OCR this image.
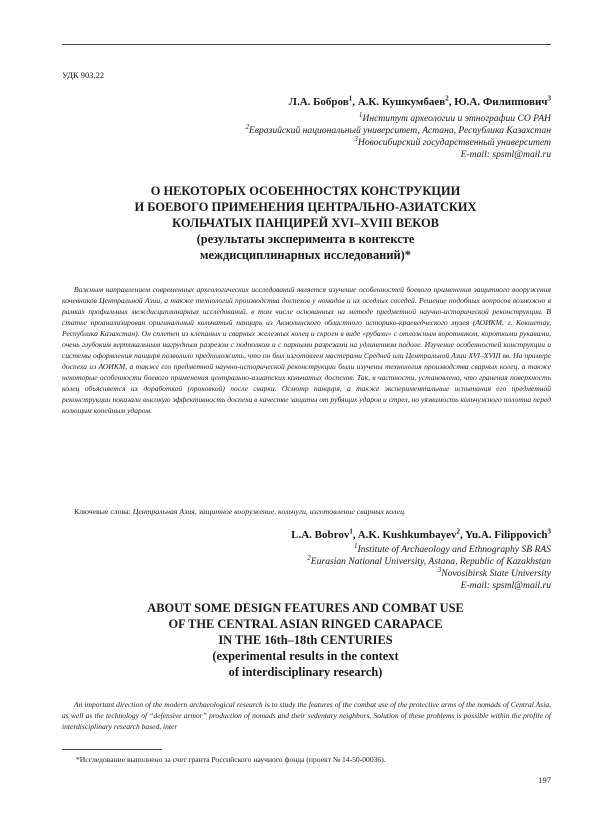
УДК 903.22
Л.А. Бобров$^1$, А.К. Кушкумбаев$^2$, Ю.А. Филиппович$^3$
$^1$Институт археологии и этнографии СО РАН
$^2$Евразийский национальный университет, Астана, Республика Казахстан
$^3$Новосибирский государственный университет
E-mail: spsml@mail.ru
О НЕКОТОРЫХ ОСОБЕННОСТЯХ КОНСТРУКЦИИ
И БОЕВОГО ПРИМЕНЕНИЯ ЦЕНТРАЛЬНО-АЗИАТСКИХ
КОЛЬЧАТЫХ ПАНЦИРЕЙ XVI–XVIII ВЕКОВ
(результаты эксперимента в контексте
междисциплинарных исследований)*
Важным направлением современных археологических исследований является изучение особенностей боевого применения защитного вооружения кочевников Центральной Азии, а также технологий производства доспехов у номадов и их оседлых соседей. Решение подобных вопросов возможно в рамках профильных междисциплинарных исследований, в том числе основанных на методе предметной научно-исторической реконструкции. В статье проанализирован оригинальный кольчатый панцирь из Акмолинского областного историко-краеведческого музея (АОИКМ, г. Кокшетау, Республика Казахстан). Он сплетен из клепаных и сварных железных колец и скроен в виде «рубахи» с отложным воротником, короткими рукавами, очень глубоким вертикальным нагрудным разрезом с подполком и с парными разрезами на удлиненном подоле. Изучение особенностей конструкции и системы оформления панциря позволило предположить, что он был изготовлен мастерами Средней или Центральной Азии XVI–XVIII вв. На примере доспеха из АОИКМ, а также его предметной научно-исторической реконструкции были изучены технология производства сварных колец, а также некоторые особенности боевого применения центрально-азиатских кольчатых доспехов. Так, в частности, установлено, что граненая поверхность колец объясняется их доработкой (проковкой) после сварки. Осмотр панциря, а также экспериментальные испытания его предметной реконструкции показали высокую эффективность доспеха в качестве защиты от рубящих ударов и стрел, но уязвимость кольчужного полотна перед колющим копейным ударом.
Ключевые слова: Центральная Азия, защитное вооружение, кольчуги, изготовление сварных колец.
L.A. Bobrov$^1$, A.K. Kushkumbayev$^2$, Yu.A. Filippovich$^3$
$^1$Institute of Archaeology and Ethnography SB RAS
$^2$Eurasian National University, Astana, Republic of Kazakhstan
$^3$Novosibirsk State University
E-mail: spsml@mail.ru
ABOUT SOME DESIGN FEATURES AND COMBAT USE
OF THE CENTRAL ASIAN RINGED CARAPACE
IN THE 16th–18th CENTURIES
(experimental results in the context
of interdisciplinary research)
An important direction of the modern archaeological research is to study the features of the combat use of the protective arms of the nomads of Central Asia, as well as the technology of “defensive armor” production of nomads and their sedentary neighbors. Solution of these problems is possible within the profile of interdisciplinary research based, inter
*Исследование выполнено за счет гранта Российского научного фонда (проект № 14-50-00036).
197
